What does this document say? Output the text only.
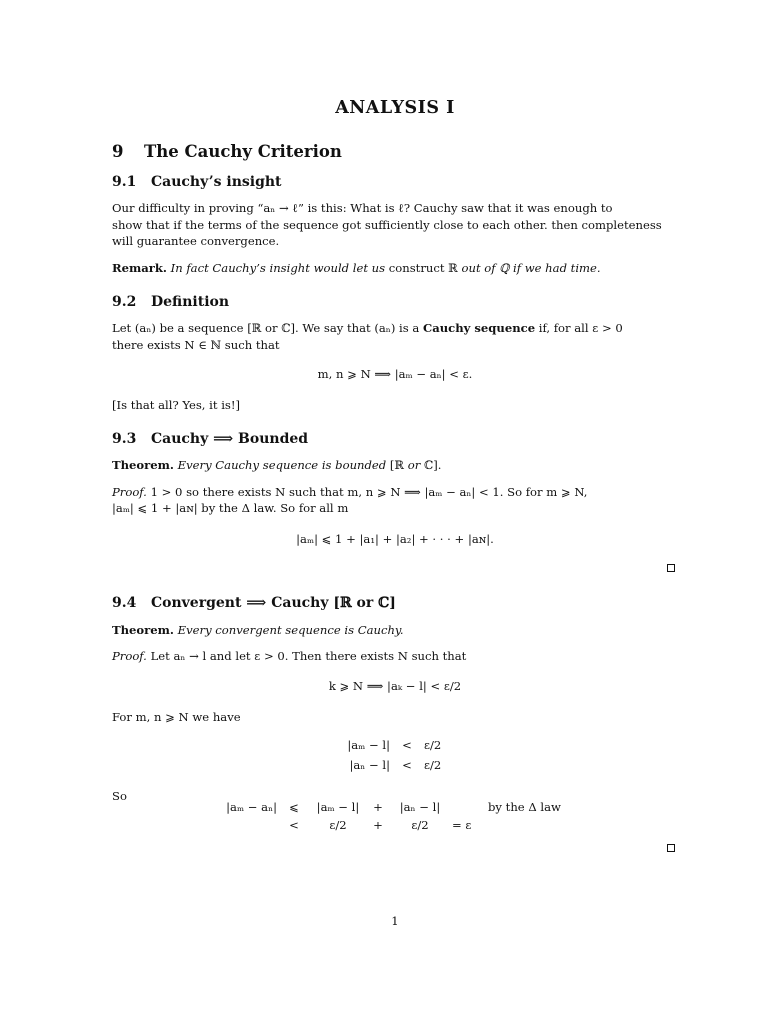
ANALYSIS I
9 The Cauchy Criterion
9.1 Cauchy’s insight
Our difficulty in proving “aₙ → ℓ” is this: What is ℓ? Cauchy saw that it was enough to
show that if the terms of the sequence got sufficiently close to each other. then completeness
will guarantee convergence.
Remark. In fact Cauchy’s insight would let us construct ℝ out of ℚ if we had time.
9.2 Definition
Let (aₙ) be a sequence [ℝ or ℂ]. We say that (aₙ) is a Cauchy sequence if, for all ε > 0
there exists N ∈ ℕ such that
m, n ⩾ N ⟹ |aₘ − aₙ| < ε.
[Is that all? Yes, it is!]
9.3 Cauchy ⟹ Bounded
Theorem. Every Cauchy sequence is bounded [ℝ or ℂ].
Proof. 1 > 0 so there exists N such that m, n ⩾ N ⟹ |aₘ − aₙ| < 1. So for m ⩾ N,
|aₘ| ⩽ 1 + |aɴ| by the Δ law. So for all m
|aₘ| ⩽ 1 + |a₁| + |a₂| + · · · + |aɴ|.
9.4 Convergent ⟹ Cauchy [ℝ or ℂ]
Theorem. Every convergent sequence is Cauchy.
Proof. Let aₙ → l and let ε > 0. Then there exists N such that
k ⩾ N ⟹ |aₖ − l| < ε/2
For m, n ⩾ N we have
|aₘ − l| < ε/2
|aₙ − l| < ε/2
So
|aₘ − aₙ| ⩽	|aₘ − l|	+	|aₙ − l|	by the Δ law
<	ε/2	+	ε/2	= ε
1
